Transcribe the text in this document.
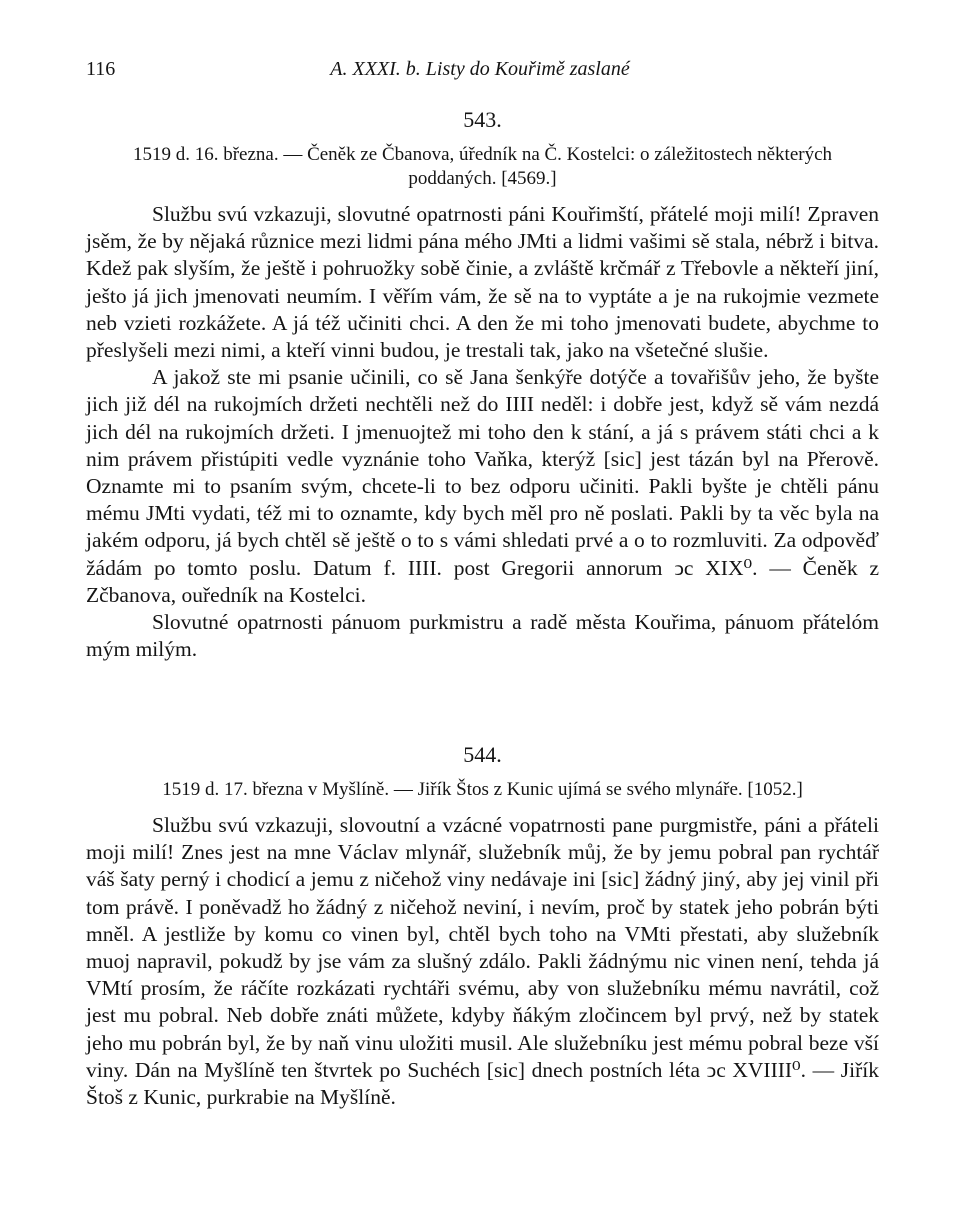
116	A. XXXI. b. Listy do Kouřimě zaslané
543.
1519 d. 16. března. — Čeněk ze Čbanova, úředník na Č. Kostelci: o záležitostech některých poddaných. [4569.]

Službu svú vzkazuji, slovutné opatrnosti páni Kouřimští, přátelé moji milí! Zpraven jsěm, že by nějaká různice mezi lidmi pána mého JMti a lidmi vašimi sě stala, nébrž i bitva. Kdež pak slyším, že ještě i pohruožky sobě činie, a zvláště krčmář z Třebovle a někteří jiní, ješto já jich jmenovati neumím. I věřím vám, že sě na to vyptáte a je na rukojmie vezmete neb vzieti rozkážete. A já též učiniti chci. A den že mi toho jmenovati budete, abychme to přeslyšeli mezi nimi, a kteří vinni budou, je trestali tak, jako na všetečné slušie.

A jakož ste mi psanie učinili, co sě Jana šenkýře dotýče a tovařišův jeho, že byšte jich již dél na rukojmích držeti nechtěli než do IIII neděl: i dobře jest, když sě vám nezdá jich dél na rukojmích držeti. I jmenuojtež mi toho den k stání, a já s právem státi chci a k nim právem přistúpiti vedle vyznánie toho Vaňka, kterýž [sic] jest tázán byl na Přerově. Oznamte mi to psaním svým, chcete-li to bez odporu učiniti. Pakli byšte je chtěli pánu mému JMti vydati, též mi to oznamte, kdy bych měl pro ně poslati. Pakli by ta věc byla na jakém odporu, já bych chtěl sě ještě o to s vámi shledati prvé a o to rozmluviti. Za odpověď žádám po tomto poslu. Datum f. IIII. post Gregorii annorum ↄc XIX⁰. — Čeněk z Zčbanova, ouředník na Kostelci.

Slovutné opatrnosti pánuom purkmistru a radě města Kouřima, pánuom přátelóm mým milým.

544.
1519 d. 17. března v Myšlíně. — Jiřík Štos z Kunic ujímá se svého mlynáře. [1052.]

Službu svú vzkazuji, slovoutní a vzácné vopatrnosti pane purgmistře, páni a přáteli moji milí! Znes jest na mne Václav mlynář, služebník můj, že by jemu pobral pan rychtář váš šaty perný i chodicí a jemu z ničehož viny nedávaje ini [sic] žádný jiný, aby jej vinil při tom právě. I poněvadž ho žádný z ničehož neviní, i nevím, proč by statek jeho pobrán býti mněl. A jestliže by komu co vinen byl, chtěl bych toho na VMti přestati, aby služebník muoj napravil, pokudž by jse vám za slušný zdálo. Pakli žádnýmu nic vinen není, tehda já VMtí prosím, že ráčíte rozkázati rychtáři svému, aby von služebníku mému navrátil, což jest mu pobral. Neb dobře znáti můžete, kdyby ňákým zločincem byl prvý, než by statek jeho mu pobrán byl, že by naň vinu uložiti musil. Ale služebníku jest mému pobral beze vší viny. Dán na Myšlíně ten štvrtek po Suchéch [sic] dnech postních léta ↄc XVIIII⁰. — Jiřík Štoš z Kunic, purkrabie na Myšlíně.
